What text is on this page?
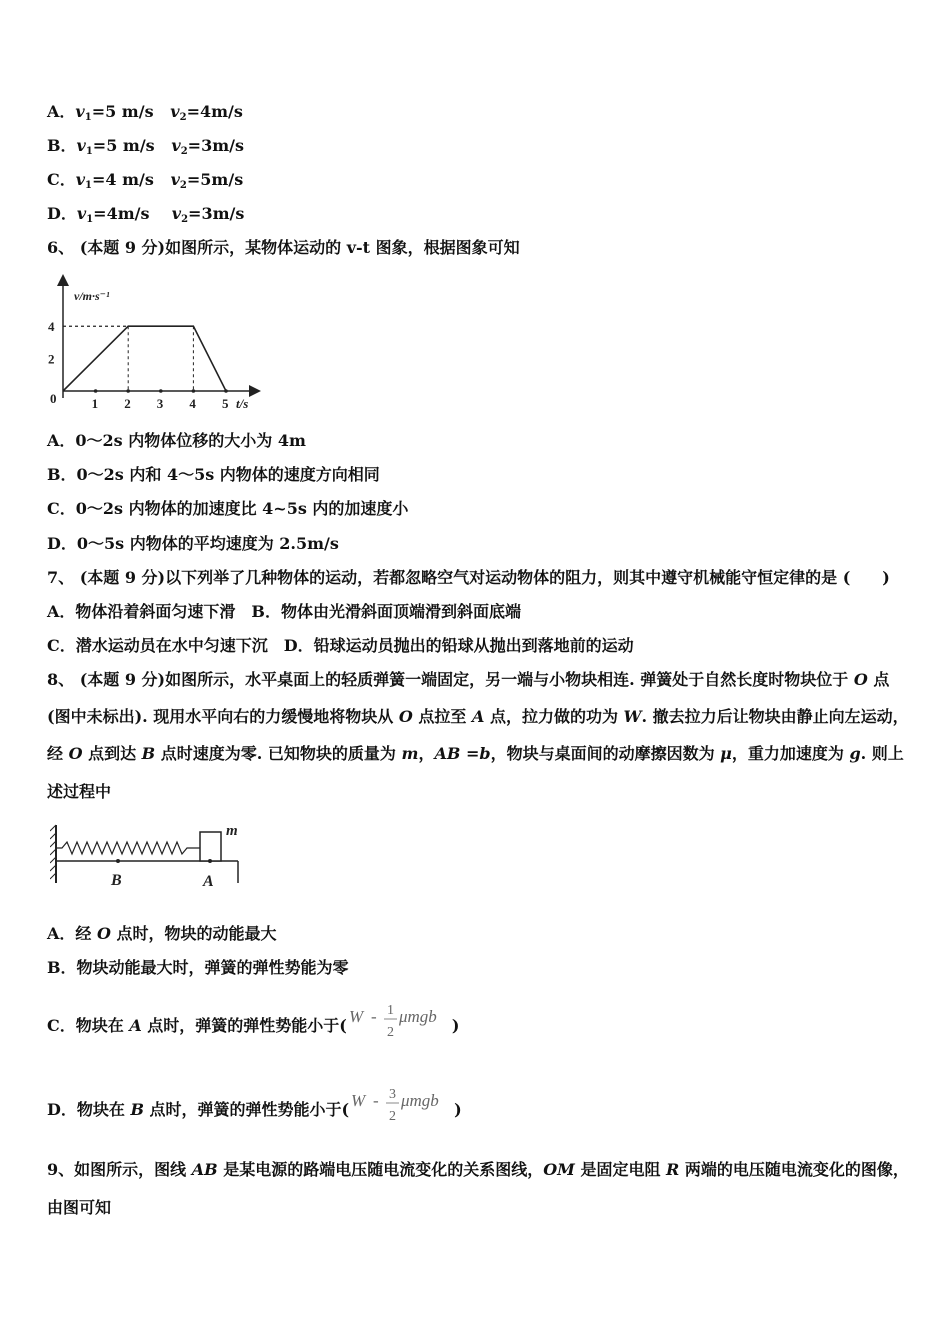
A．$v_1=5$ m/s $v_2=4m/s$
B．$v_1=5$ m/s $v_2=3m/s$
C．$v_1=4$ m/s $v_2=5m/s$
D．$v_1=4m/s$ $v_2=3m/s$
6、 (本题 9 分)如图所示，某物体运动的 v-t 图象，根据图象可知
v/m·s⁻¹
t/s
0	1 2 3 4 5
2
4
A．0～2s 内物体位移的大小为 4m
B．0～2s 内和 4～5s 内物体的速度方向相同
C．0～2s 内物体的加速度比 4~5s 内的加速度小
D．0～5s 内物体的平均速度为 2.5m/s
7、 (本题 9 分)以下列举了几种物体的运动，若都忽略空气对运动物体的阻力，则其中遵守机械能守恒定律的是 (　　)
A．物体沿着斜面匀速下滑　B．物体由光滑斜面顶端滑到斜面底端
C．潜水运动员在水中匀速下沉　D．铅球运动员抛出的铅球从抛出到落地前的运动
8、 (本题 9 分)如图所示，水平桌面上的轻质弹簧一端固定，另一端与小物块相连. 弹簧处于自然长度时物块位于 O 点
(图中未标出). 现用水平向右的力缓慢地将物块从 O 点拉至 A 点，拉力做的功为 W. 撤去拉力后让物块由静止向左运动，
经 O 点到达 B 点时速度为零. 已知物块的质量为 m，AB =b，物块与桌面间的动摩擦因数为 μ，重力加速度为 g. 则上
述过程中
m
B	A
A．经 O 点时，物块的动能最大
B．物块动能最大时，弹簧的弹性势能为零
C．物块在 A 点时，弹簧的弹性势能小于( W - 1
2
μmgb )
D．物块在 B 点时，弹簧的弹性势能小于( W - 3
2
μmgb )
9、如图所示，图线 AB 是某电源的路端电压随电流变化的关系图线，OM 是固定电阻 R 两端的电压随电流变化的图像，
由图可知
